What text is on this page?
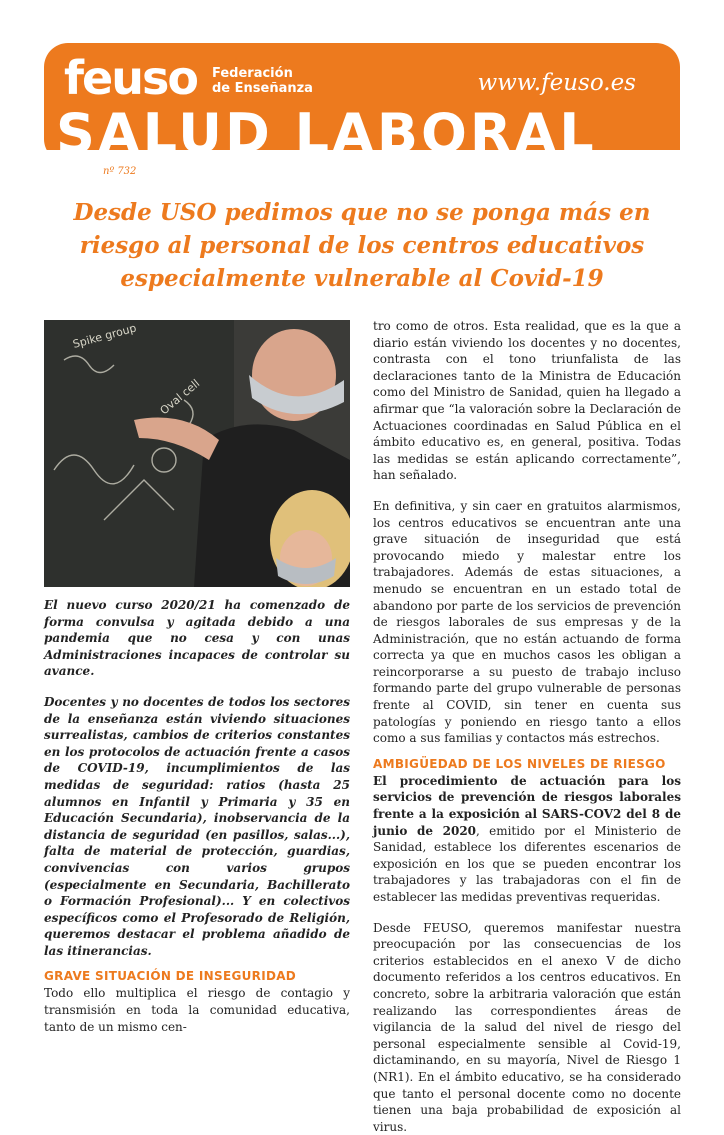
feuso Federación
de Enseñanza	www.feuso.es
SALUD LABORAL
nº 732
Desde USO pedimos que no se ponga más en riesgo al personal de los centros educativos especialmente vulnerable al Covid-19
Spike group
Oval cell

El nuevo curso 2020/21 ha comenzado de forma convulsa y agitada debido a una pandemia que no cesa y con unas Administraciones incapaces de controlar su avance.

Docentes y no docentes de todos los sectores de la enseñanza están viviendo situaciones surrealistas, cambios de criterios constantes en los protocolos de actuación frente a casos de COVID-19, incumplimientos de las medidas de seguridad: ratios (hasta 25 alumnos en Infantil y Primaria y 35 en Educación Secundaria), inobservancia de la distancia de seguridad (en pasillos, salas...), falta de material de protección, guardias, convivencias con varios grupos (especialmente en Secundaria, Bachillerato o Formación Profesional)... Y en colectivos específicos como el Profesorado de Religión, queremos destacar el problema añadido de las itinerancias.

GRAVE SITUACIÓN DE INSEGURIDAD

Todo ello multiplica el riesgo de contagio y transmisión en toda la comunidad educativa, tanto de un mismo cen-

tro como de otros. Esta realidad, que es la que a diario están viviendo los docentes y no docentes, contrasta con el tono triunfalista de las declaraciones tanto de la Ministra de Educación como del Ministro de Sanidad, quien ha llegado a afirmar que “la valoración sobre la Declaración de Actuaciones coordinadas en Salud Pública en el ámbito educativo es, en general, positiva. Todas las medidas se están aplicando correctamente”, han señalado.

En definitiva, y sin caer en gratuitos alarmismos, los centros educativos se encuentran ante una grave situación de inseguridad que está provocando miedo y malestar entre los trabajadores. Además de estas situaciones, a menudo se encuentran en un estado total de abandono por parte de los servicios de prevención de riesgos laborales de sus empresas y de la Administración, que no están actuando de forma correcta ya que en muchos casos les obligan a reincorporarse a su puesto de trabajo incluso formando parte del grupo vulnerable de personas frente al COVID, sin tener en cuenta sus patologías y poniendo en riesgo tanto a ellos como a sus familias y contactos más estrechos.

AMBIGÜEDAD DE LOS NIVELES DE RIESGO

El procedimiento de actuación para los servicios de prevención de riesgos laborales frente a la exposición al SARS-COV2 del 8 de junio de 2020, emitido por el Ministerio de Sanidad, establece los diferentes escenarios de exposición en los que se pueden encontrar los trabajadores y las trabajadoras con el fin de establecer las medidas preventivas requeridas.

Desde FEUSO, queremos manifestar nuestra preocupación por las consecuencias de los criterios establecidos en el anexo V de dicho documento referidos a los centros educativos. En concreto, sobre la arbitraria valoración que están realizando las correspondientes áreas de vigilancia de la salud del nivel de riesgo del personal especialmente sensible al Covid-19, dictaminando, en su mayoría, Nivel de Riesgo 1 (NR1). En el ámbito educativo, se ha considerado que tanto el personal docente como no docente tienen una baja probabilidad de exposición al virus.
